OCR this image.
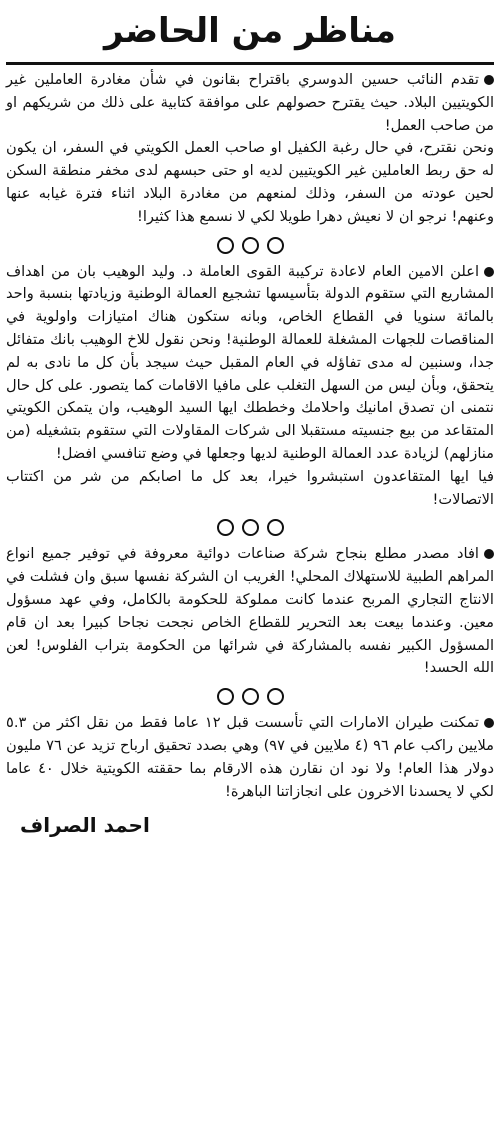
مناظر من الحاضر

تقدم النائب حسين الدوسري باقتراح بقانون في شأن مغادرة العاملين غير الكويتيين البلاد. حيث يقترح حصولهم على موافقة كتابية على ذلك من شريكهم او من صاحب العمل!

ونحن نقترح، في حال رغبة الكفيل او صاحب العمل الكويتي في السفر، ان يكون له حق ربط العاملين غير الكويتيين لديه او حتى حبسهم لدى مخفر منطقة السكن لحين عودته من السفر، وذلك لمنعهم من مغادرة البلاد اثناء فترة غيابه عنها وعنهم! نرجو ان لا نعيش دهرا طويلا لكي لا نسمع هذا كثيرا!

اعلن الامين العام لاعادة تركيبة القوى العاملة د. وليد الوهيب بان من اهداف المشاريع التي ستقوم الدولة بتأسيسها تشجيع العمالة الوطنية وزيادتها بنسبة واحد بالمائة سنويا في القطاع الخاص، وبانه ستكون هناك امتيازات واولوية في المناقصات للجهات المشغلة للعمالة الوطنية! ونحن نقول للاخ الوهيب بانك متفائل جدا، وسنبين له مدى تفاؤله في العام المقبل حيث سيجد بأن كل ما نادى به لم يتحقق، وبأن ليس من السهل التغلب على مافيا الاقامات كما يتصور. على كل حال نتمنى ان تصدق امانيك واحلامك وخططك ايها السيد الوهيب، وان يتمكن الكويتي المتقاعد من بيع جنسيته مستقبلا الى شركات المقاولات التي ستقوم بتشغيله (من منازلهم) لزيادة عدد العمالة الوطنية لديها وجعلها في وضع تنافسي افضل!

فيا ايها المتقاعدون استبشروا خيرا، بعد كل ما اصابكم من شر من اكتتاب الاتصالات!

افاد مصدر مطلع بنجاح شركة صناعات دوائية معروفة في توفير جميع انواع المراهم الطبية للاستهلاك المحلي! الغريب ان الشركة نفسها سبق وان فشلت في الانتاج التجاري المربح عندما كانت مملوكة للحكومة بالكامل، وفي عهد مسؤول معين. وعندما بيعت بعد التحرير للقطاع الخاص نجحت نجاحا كبيرا بعد ان قام المسؤول الكبير نفسه بالمشاركة في شرائها من الحكومة بتراب الفلوس! لعن الله الحسد!

تمكنت طيران الامارات التي تأسست قبل ١٢ عاما فقط من نقل اكثر من ٥.٣ ملايين راكب عام ٩٦ (٤ ملايين في ٩٧) وهي بصدد تحقيق ارباح تزيد عن ٧٦ مليون دولار هذا العام! ولا نود ان نقارن هذه الارقام بما حققته الكويتية خلال ٤٠ عاما لكي لا يحسدنا الاخرون على انجازاتنا الباهرة!

احمد الصراف
